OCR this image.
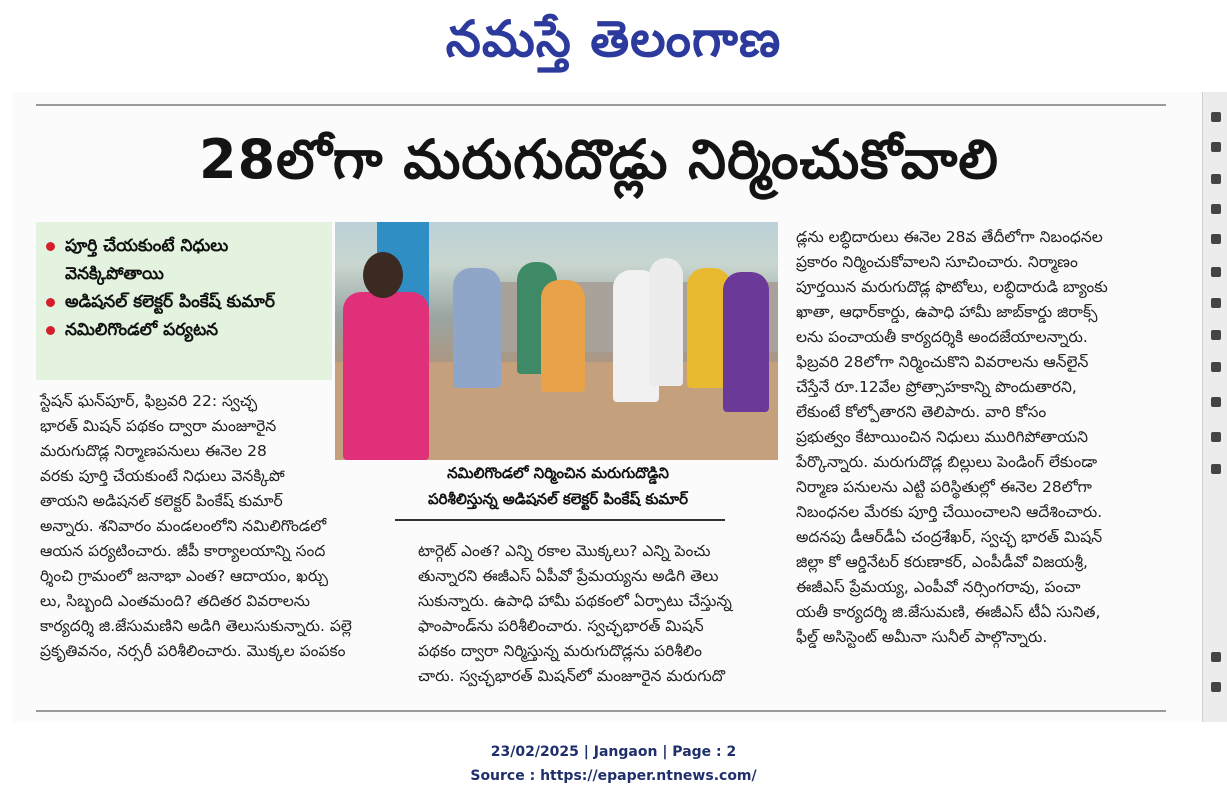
నమస్తే తెలంగాణ
28లోగా మరుగుదొడ్లు నిర్మించుకోవాలి
పూర్తి చేయకుంటే నిధులు వెనక్కిపోతాయి
అడిషనల్ కలెక్టర్ పింకేష్ కుమార్
నమిలిగొండలో పర్యటన
నమిలిగొండలో నిర్మించిన మరుగుదొడ్డిని
పరిశీలిస్తున్న అడిషనల్ కలెక్టర్ పింకేష్ కుమార్

స్టేషన్ ఘన్‌పూర్, ఫిబ్రవరి 22: స్వచ్ఛ

భారత్ మిషన్ పథకం ద్వారా మంజూరైన

మరుగుదొడ్ల నిర్మాణపనులు ఈనెల 28

వరకు పూర్తి చేయకుంటే నిధులు వెనక్కిపో

తాయని అడిషనల్ కలెక్టర్ పింకేష్ కుమార్

అన్నారు. శనివారం మండలంలోని నమిలిగొండలో

ఆయన పర్యటించారు. జీపీ కార్యాలయాన్ని సంద

ర్శించి గ్రామంలో జనాభా ఎంత? ఆదాయం, ఖర్చు

లు, సిబ్బంది ఎంతమంది? తదితర వివరాలను

కార్యదర్శి జి.జేసుమణిని అడిగి తెలుసుకున్నారు. పల్లె

ప్రకృతివనం, నర్సరీ పరిశీలించారు. మొక్కల పంపకం

టార్గెట్ ఎంత? ఎన్ని రకాల మొక్కలు? ఎన్ని పెంచు

తున్నారని ఈజీఎస్ ఏపీవో ప్రేమయ్యను అడిగి తెలు

సుకున్నారు. ఉపాధి హామీ పథకంలో ఏర్పాటు చేస్తున్న

ఫాంపాండ్‌ను పరిశీలించారు. స్వచ్ఛభారత్ మిషన్

పథకం ద్వారా నిర్మిస్తున్న మరుగుదొడ్లను పరిశీలిం

చారు. స్వచ్ఛభారత్ మిషన్‌లో మంజూరైన మరుగుదొ

డ్లను లబ్ధిదారులు ఈనెల 28వ తేదీలోగా నిబంధనల

ప్రకారం నిర్మించుకోవాలని సూచించారు. నిర్మాణం

పూర్తయిన మరుగుదొడ్ల ఫొటోలు, లబ్ధిదారుడి బ్యాంకు

ఖాతా, ఆధార్‌కార్డు, ఉపాధి హామీ జాబ్‌కార్డు జిరాక్స్

లను పంచాయతీ కార్యదర్శికి అందజేయాలన్నారు.

ఫిబ్రవరి 28లోగా నిర్మించుకొని వివరాలను ఆన్‌లైన్

చేస్తేనే రూ.12వేల ప్రోత్సాహకాన్ని పొందుతారని,

లేకుంటే కోల్పోతారని తెలిపారు. వారి కోసం

ప్రభుత్వం కేటాయించిన నిధులు మురిగిపోతాయని

పేర్కొన్నారు. మరుగుదొడ్ల బిల్లులు పెండింగ్ లేకుండా

నిర్మాణ పనులను ఎట్టి పరిస్థితుల్లో ఈనెల 28లోగా

నిబంధనల మేరకు పూర్తి చేయించాలని ఆదేశించారు.

అదనపు డీఆర్‌డీఏ చంద్రశేఖర్, స్వచ్ఛ భారత్ మిషన్

జిల్లా కో ఆర్డినేటర్ కరుణాకర్, ఎంపీడీవో విజయశ్రీ,

ఈజీఎస్ ప్రేమయ్య, ఎంపీవో నర్సింగరావు, పంచా

యతీ కార్యదర్శి జి.జేసుమణి, ఈజీఎస్ టీఏ సునిత,

ఫీల్డ్ అసిస్టెంట్ అమీనా సునీల్ పాల్గొన్నారు.

23/02/2025 | Jangaon | Page : 2
Source : https://epaper.ntnews.com/
